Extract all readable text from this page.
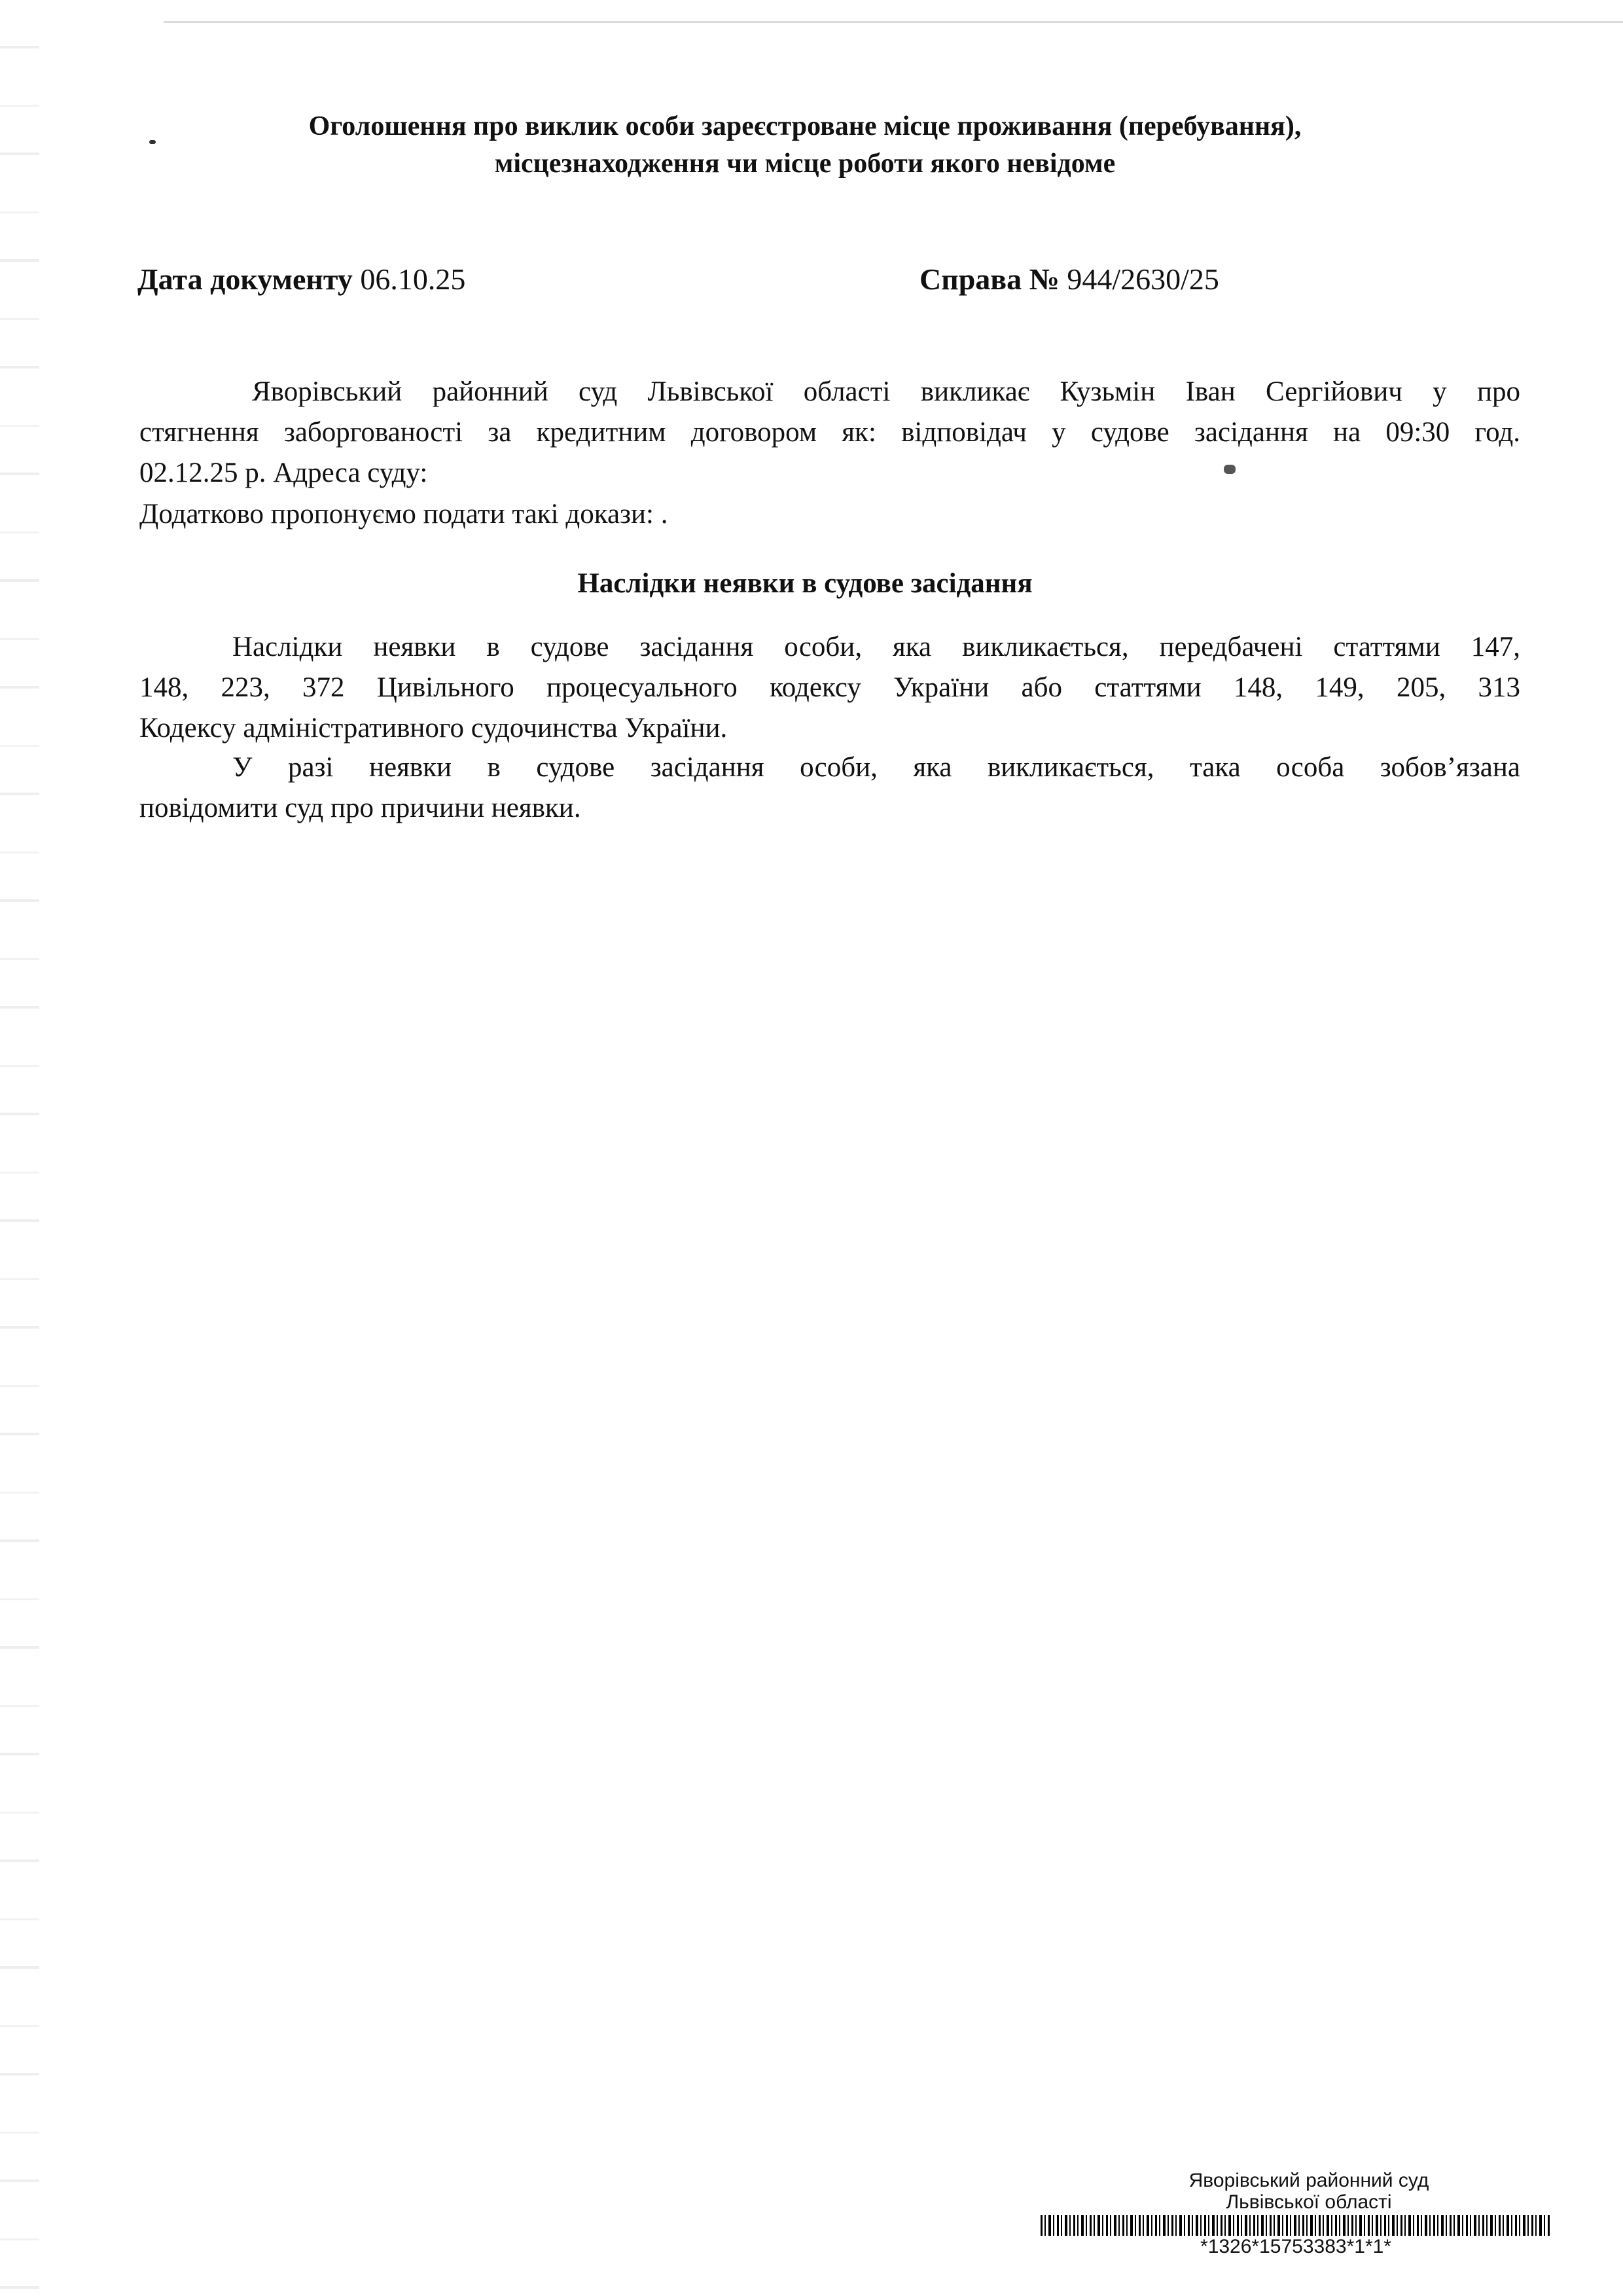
Оголошення про виклик особи зареєстроване місце проживання (перебування),
місцезнаходження чи місце роботи якого невідоме
Дата документу 06.10.25	Справа № 944/2630/25
Яворівський районний суд Львівської області викликає Кузьмін Іван Сергійович у про
стягнення заборгованості за кредитним договором як: відповідач у судове засідання на 09:30 год.
02.12.25 р. Адреса суду:
Додатково пропонуємо подати такі докази: .
Наслідки неявки в судове засідання
Наслідки неявки в судове засідання особи, яка викликається, передбачені статтями 147,
148, 223, 372 Цивільного процесуального кодексу України або статтями 148, 149, 205, 313
Кодексу адміністративного судочинства України.
У разі неявки в судове засідання особи, яка викликається, така особа зобов’язана
повідомити суд про причини неявки.
Яворівський районний суд
Львівської області
*1326*15753383*1*1*
